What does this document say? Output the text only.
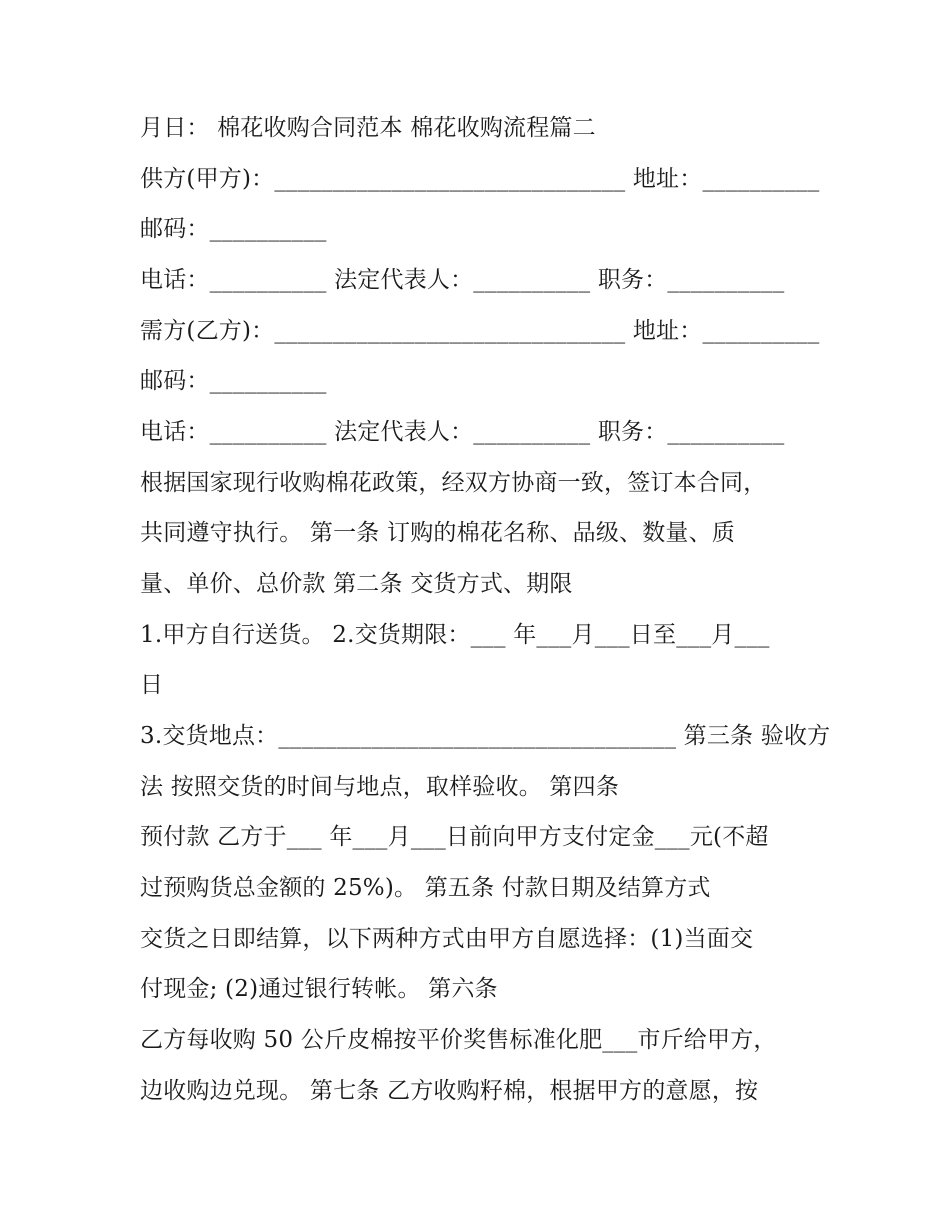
月日： 棉花收购合同范本 棉花收购流程篇二
供方(甲方)：______________________________ 地址：__________
邮码：__________
电话：__________ 法定代表人：__________ 职务：__________
需方(乙方)：______________________________ 地址：__________
邮码：__________
电话：__________ 法定代表人：__________ 职务：__________
根据国家现行收购棉花政策，经双方协商一致，签订本合同，
共同遵守执行。 第一条 订购的棉花名称、品级、数量、质
量、单价、总价款 第二条 交货方式、期限
1.甲方自行送货。 2.交货期限：___ 年___月___日至___月___
日
3.交货地点：__________________________________ 第三条 验收方
法 按照交货的时间与地点，取样验收。 第四条
预付款 乙方于___ 年___月___日前向甲方支付定金___元(不超
过预购货总金额的 25%)。 第五条 付款日期及结算方式
交货之日即结算，以下两种方式由甲方自愿选择：(1)当面交
付现金; (2)通过银行转帐。 第六条
乙方每收购 50 公斤皮棉按平价奖售标准化肥___市斤给甲方，
边收购边兑现。 第七条 乙方收购籽棉，根据甲方的意愿，按
